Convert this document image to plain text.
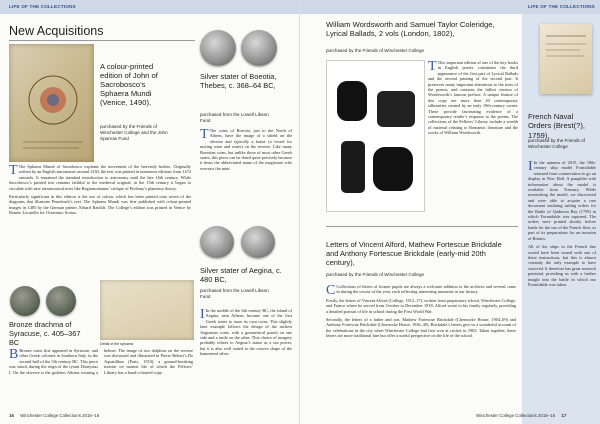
LIFE OF THE COLLECTIONS
New Acquisitions
A colour-printed edition of John of Sacrobosco’s Sphaera Mundi (Venice, 1490),
purchased by the Friends of Winchester College and the John Sparrow Fund

T The Sphaera Mundi of Sacrobosco explains the movement of the heavenly bodies. Originally written by an English astronomer around 1230, the text was printed in numerous editions from 1472 onwards. It remained the standard introduction to astronomy until the late 16th century. While Sacrobosco’s printed text remains faithful to the medieval original, in the 15th century it began to circulate with new astronomical texts like Regiomontanus’ critique of Ptolemy’s planetary theory.

Particularly significant in this edition is the use of colour, which has been printed onto seven of the diagrams that illustrate Peuerbach’s text. The Sphaera Mundi was first published with colour-printed images in 1485 by the German printer, Erhard Ratdolt. The College’s edition was printed in Venice by Boneto Locatello for Octaviano Scotus.

Silver stater of Boeotia, Thebes, c. 368–64 BC,
purchased from the Lowell Libson Fund

T The coins of Boeotia, just to the North of Athens, have the image of a shield on the obverse and typically a krater (a vessel for mixing wine and water) on the reverse. Like many Boeotian coins, but unlike those of most other Greek states, this piece can be dated quite precisely because it bears the abbreviated name of the magistrate who oversaw the mint.

Silver stater of Aegina, c. 480 BC,
purchased from the Lowell Libson Fund

I In the middle of the 6th century BC, the island of Aegina, near Athens, became one of the first Greek states to issue its own coins. This slightly later example follows the design of the earliest Aeginetan coins, with a geometrical punch on one side and a turtle on the other. This choice of imagery probably relates to Aegina’s status as a sea power, but it is also well suited to the convex shape of the hammered silver.

Detail of the sphaera
Bronze drachma of Syracuse, c. 405–367 BC

B Bronze coins first appeared in Syracuse, and other Greek colonies in Southern Italy, in the second half of the 5th century BC. This piece was struck during the reign of the tyrant Dionysius I. On the obverse is the goddess Athena wearing a helmet. The image of two dolphins on the reverse was discussed and illustrated in Pierre Beloni’s De Aquatilibus (Paris, 1553), a ground-breaking treatise on marine life of which the Fellows’ Library has a hand-coloured copy.

16 Winchester College Collections 2015–16
LIFE OF THE COLLECTIONS
William Wordsworth and Samuel Taylor Coleridge, Lyrical Ballads, 2 vols (London, 1802),
purchased by the Friends of Winchester College

T This important edition of one of the key books in English poetry constitutes the third appearance of the first part of Lyrical Ballads and the second printing of the second part. It preserves many important alterations to the texts of the poems, and contains the fullest version of Wordsworth’s famous preface. A unique feature of this copy are more than 20 contemporary silhouettes created by an early 19th-century owner. These provide fascinating evidence of a contemporary reader’s response to the poems. The collections of the Fellows’ Library include a wealth of material relating to Romantic literature and the works of William Wordsworth.

Letters of Vincent Alford, Mathew Fortescue Brickdale and Anthony Fortescue Brickdale (early-mid 20th century),
purchased by the Friends of Winchester College

C Collections of letters of former pupils are always a welcome addition to the archives and several came in during the course of the year, each reflecting interesting moments in our history.

Firstly, the letters of Vincent Alford (College, 1912–17), written from preparatory school, Winchester College, and France where he served from October to December 1918. Alford wrote to his family regularly, providing a detailed portrait of life in school during the First World War.

Secondly, the letters of a father and son, Mathew Fortescue Brickdale (Chernocke House, 1904–09) and Anthony Fortescue Brickdale (Chernocke House, 1936–40). Brickdale’s letters give us a wonderful account of the celebrations in the city when Winchester College had first won at cricket in 1903. Taken together, these letters are more traditional fare but offer a useful perspective on the life of the school.

French Naval Orders (Brest(?), 1759),
purchased by the Friends of Winchester College

I In the autumn of 2015, the 18th-century ship model Formidable returned from conservation to go on display in New Hall. A pamphlet with information about the model is available from Treasury. While researching the model, we discovered and were able to acquire a rare document outlining sailing orders for the Battle of Quiberon Bay (1759) in which Formidable was captured. The orders were printed shortly before battle for the use of the French fleet, as part of its preparations for an invasion of Britain.

All of the ships in the French line would have been issued with one of these instructions, but this is almost certainly the only example to have survived. It therefore has great research potential, providing us with a further insight into the battle in which our Formidable was taken.

Winchester College Collections 2015–16 17
